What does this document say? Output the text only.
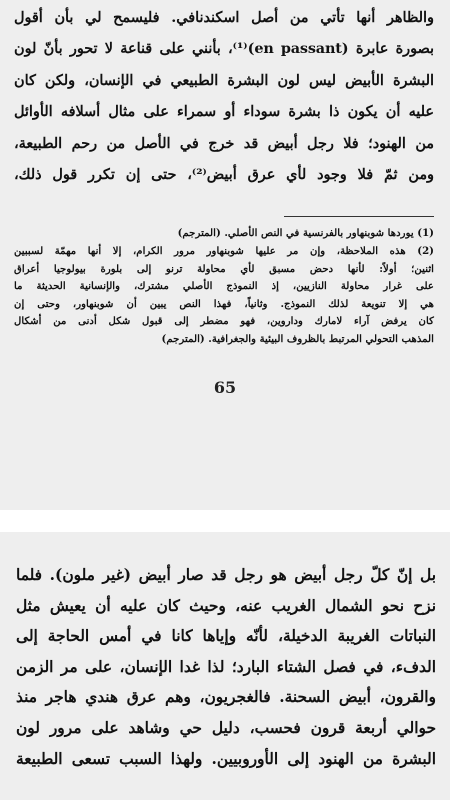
والظاهر أنها تأتي من أصل اسكندنافي. فليسمح لي بأن أقول
بصورة عابرة (en passant)⁽¹⁾، بأنني على قناعة لا تحور بأنّ لون
البشرة الأبيض ليس لون البشرة الطبيعي في الإنسان، ولكن كان
عليه أن يكون ذا بشرة سوداء أو سمراء على مثال أسلافه الأوائل
من الهنود؛ فلا رجل أبيض قد خرج في الأصل من رحم الطبيعة،
ومن ثمّ فلا وجود لأي عرق أبيض⁽²⁾، حتى إن تكرر قول ذلك،
(1) يوردها شوبنهاور بالفرنسية في النص الأصلي. (المترجم)
(2) هذه الملاحظة، وإن مر عليها شوبنهاور مرور الكرام، إلا أنها مهمّة لسببين
اثنين؛ أولاً: لأنها دحض مسبق لأي محاولة ترنو إلى بلورة بيولوجيا أعراق
على غرار محاولة النازيين، إذ النموذج الأصلي مشترك، والإنسانية الحديثة ما
هي إلا تنويعة لذلك النموذج. وثانياً، فهذا النص يبين أن شوبنهاور، وحتى إن
كان يرفض آراء لامارك وداروين، فهو مضطر إلى قبول شكل أدنى من أشكال
المذهب التحولي المرتبط بالظروف البيئية والجغرافية. (المترجم)
65
بل إنّ كلّ رجل أبيض هو رجل قد صار أبيض (غير ملون). فلما
نزح نحو الشمال الغريب عنه، وحيث كان عليه أن يعيش مثل
النباتات الغريبة الدخيلة، لأنّه وإياها كانا في أمس الحاجة إلى
الدفء، في فصل الشتاء البارد؛ لذا غدا الإنسان، على مر الزمن
والقرون، أبيض السحنة. فالغجريون، وهم عرق هندي هاجر منذ
حوالي أربعة قرون فحسب، دليل حي وشاهد على مرور لون
البشرة من الهنود إلى الأوروبيين. ولهذا السبب تسعى الطبيعة
